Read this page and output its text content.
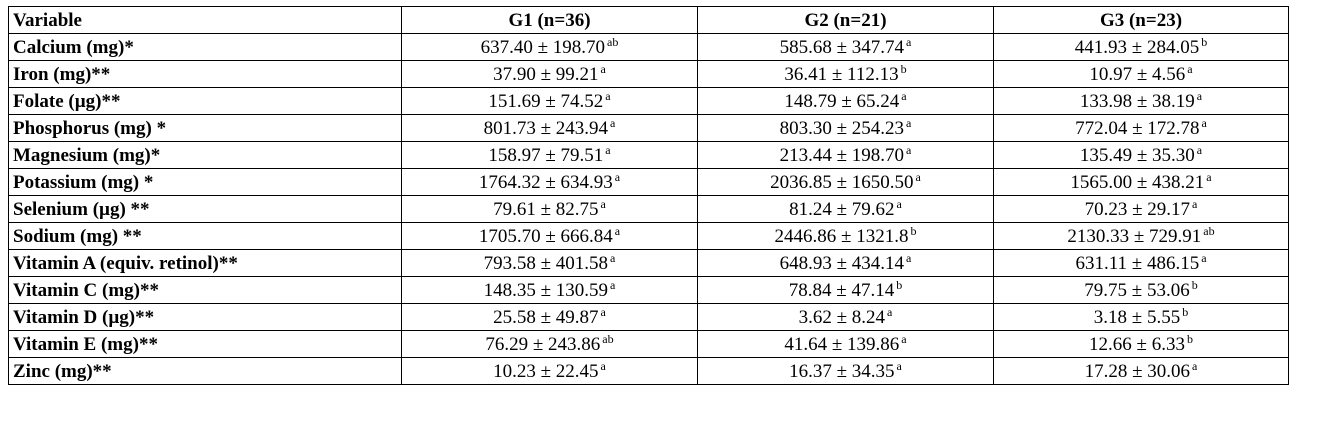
Variable	G1 (n=36)	G2 (n=21)	G3 (n=23)
Calcium (mg)*	637.40 ± 198.70 $^{ab}$	585.68 ± 347.74 $^a$	441.93 ± 284.05 $^b$
Iron (mg)**	37.90 ± 99.21 $^a$	36.41 ± 112.13 $^b$	10.97 ± 4.56 $^a$
Folate (µg)**	151.69 ± 74.52 $^a$	148.79 ± 65.24 $^a$	133.98 ± 38.19 $^a$
Phosphorus (mg) *	801.73 ± 243.94 $^a$	803.30 ± 254.23 $^a$	772.04 ± 172.78 $^a$
Magnesium (mg)*	158.97 ± 79.51 $^a$	213.44 ± 198.70 $^a$	135.49 ± 35.30 $^a$
Potassium (mg) *	1764.32 ± 634.93 $^a$	2036.85 ± 1650.50 $^a$	1565.00 ± 438.21 $^a$
Selenium (µg) **	79.61 ± 82.75 $^a$	81.24 ± 79.62 $^a$	70.23 ± 29.17 $^a$
Sodium (mg) **	1705.70 ± 666.84 $^a$	2446.86 ± 1321.8 $^b$	2130.33 ± 729.91 $^{ab}$
Vitamin A (equiv. retinol)**	793.58 ± 401.58 $^a$	648.93 ± 434.14 $^a$	631.11 ± 486.15 $^a$
Vitamin C (mg)**	148.35 ± 130.59 $^a$	78.84 ± 47.14 $^b$	79.75 ± 53.06 $^b$
Vitamin D (µg)**	25.58 ± 49.87 $^a$	3.62 ± 8.24 $^a$	3.18 ± 5.55 $^b$
Vitamin E (mg)**	76.29 ± 243.86 $^{ab}$	41.64 ± 139.86 $^a$	12.66 ± 6.33 $^b$
Zinc (mg)**	10.23 ± 22.45 $^a$	16.37 ± 34.35 $^a$	17.28 ± 30.06 $^a$
